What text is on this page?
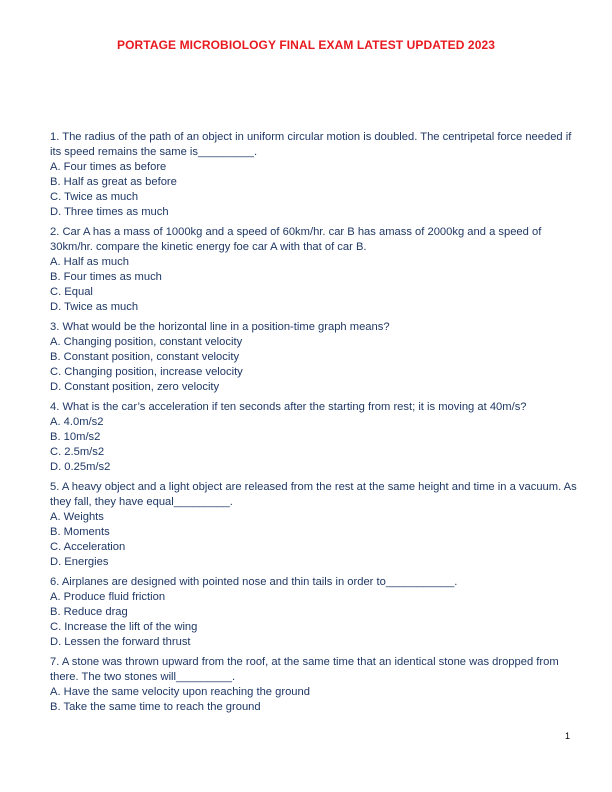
PORTAGE MICROBIOLOGY FINAL EXAM LATEST UPDATED 2023

1. The radius of the path of an object in uniform circular motion is doubled. The centripetal force needed if its speed remains the same is_________.

A. Four times as before

B. Half as great as before

C. Twice as much

D. Three times as much

2. Car A has a mass of 1000kg and a speed of 60km/hr. car B has amass of 2000kg and a speed of 30km/hr. compare the kinetic energy foe car A with that of car B.

A. Half as much

B. Four times as much

C. Equal

D. Twice as much

3. What would be the horizontal line in a position-time graph means?

A. Changing position, constant velocity

B. Constant position, constant velocity

C. Changing position, increase velocity

D. Constant position, zero velocity

4. What is the car’s acceleration if ten seconds after the starting from rest; it is moving at 40m/s?

A. 4.0m/s2

B. 10m/s2

C. 2.5m/s2

D. 0.25m/s2

5. A heavy object and a light object are released from the rest at the same height and time in a vacuum. As they fall, they have equal_________.

A. Weights

B. Moments

C. Acceleration

D. Energies

6. Airplanes are designed with pointed nose and thin tails in order to___________.

A. Produce fluid friction

B. Reduce drag

C. Increase the lift of the wing

D. Lessen the forward thrust

7. A stone was thrown upward from the roof, at the same time that an identical stone was dropped from there. The two stones will_________.

A. Have the same velocity upon reaching the ground

B. Take the same time to reach the ground

1
